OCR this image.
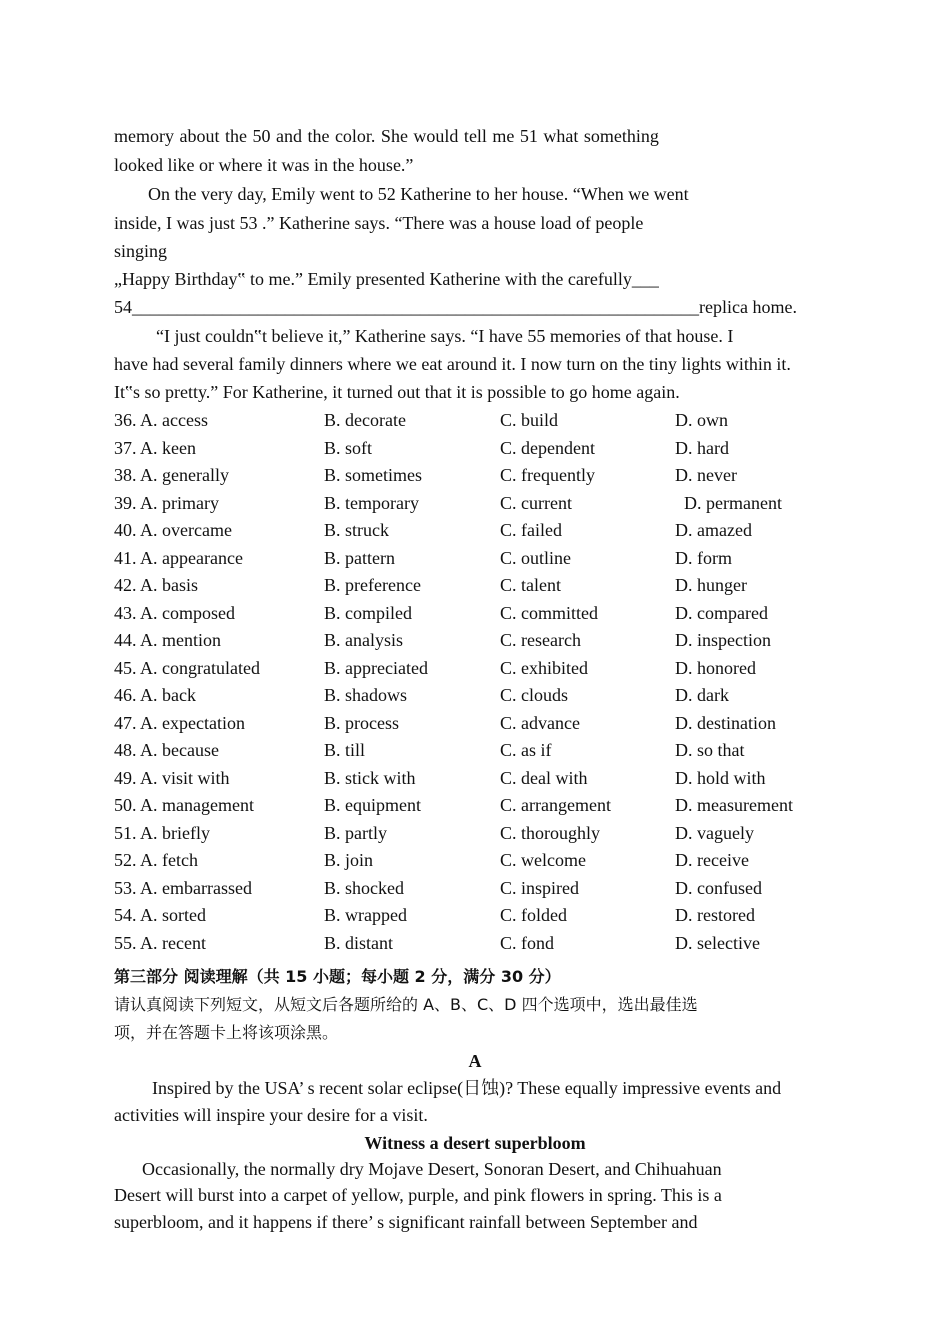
memory about the 50 and the color. She would tell me 51 what something
looked like or where it was in the house.”
On the very day, Emily went to 52 Katherine to her house. “When we went
inside, I was just 53 .” Katherine says. “There was a house load of people
singing
„Happy Birthday‟ to me.” Emily presented Katherine with the carefully___
54_______________________________________________________________replica home.
“I just couldn‟t believe it,” Katherine says. “I have 55 memories of that house. I
have had several family dinners where we eat around it. I now turn on the tiny lights within it.
It‟s so pretty.” For Katherine, it turned out that it is possible to go home again.
36. A. access	B. decorate	C. build	D. own
37. A. keen	B. soft	C. dependent	D. hard
38. A. generally	B. sometimes	C. frequently	D. never
39. A. primary	B. temporary	C. current	D. permanent
40. A. overcame	B. struck	C. failed	D. amazed
41. A. appearance	B. pattern	C. outline	D. form
42. A. basis	B. preference	C. talent	D. hunger
43. A. composed	B. compiled	C. committed	D. compared
44. A. mention	B. analysis	C. research	D. inspection
45. A. congratulated	B. appreciated	C. exhibited	D. honored
46. A. back	B. shadows	C. clouds	D. dark
47. A. expectation	B. process	C. advance	D. destination
48. A. because	B. till	C. as if	D. so that
49. A. visit with	B. stick with	C. deal with	D. hold with
50. A. management	B. equipment	C. arrangement	D. measurement
51. A. briefly	B. partly	C. thoroughly	D. vaguely
52. A. fetch	B. join	C. welcome	D. receive
53. A. embarrassed	B. shocked	C. inspired	D. confused
54. A. sorted	B. wrapped	C. folded	D. restored
55. A. recent	B. distant	C. fond	D. selective
第三部分 阅读理解（共 15 小题；每小题 2 分，满分 30 分）
请认真阅读下列短文，从短文后各题所给的 A、B、C、D 四个选项中，选出最佳选
项，并在答题卡上将该项涂黑。
A
Inspired by the USA’ s recent solar eclipse(日蚀)? These equally impressive events and
activities will inspire your desire for a visit.
Witness a desert superbloom
Occasionally, the normally dry Mojave Desert, Sonoran Desert, and Chihuahuan
Desert will burst into a carpet of yellow, purple, and pink flowers in spring. This is a
superbloom, and it happens if there’ s significant rainfall between September and
